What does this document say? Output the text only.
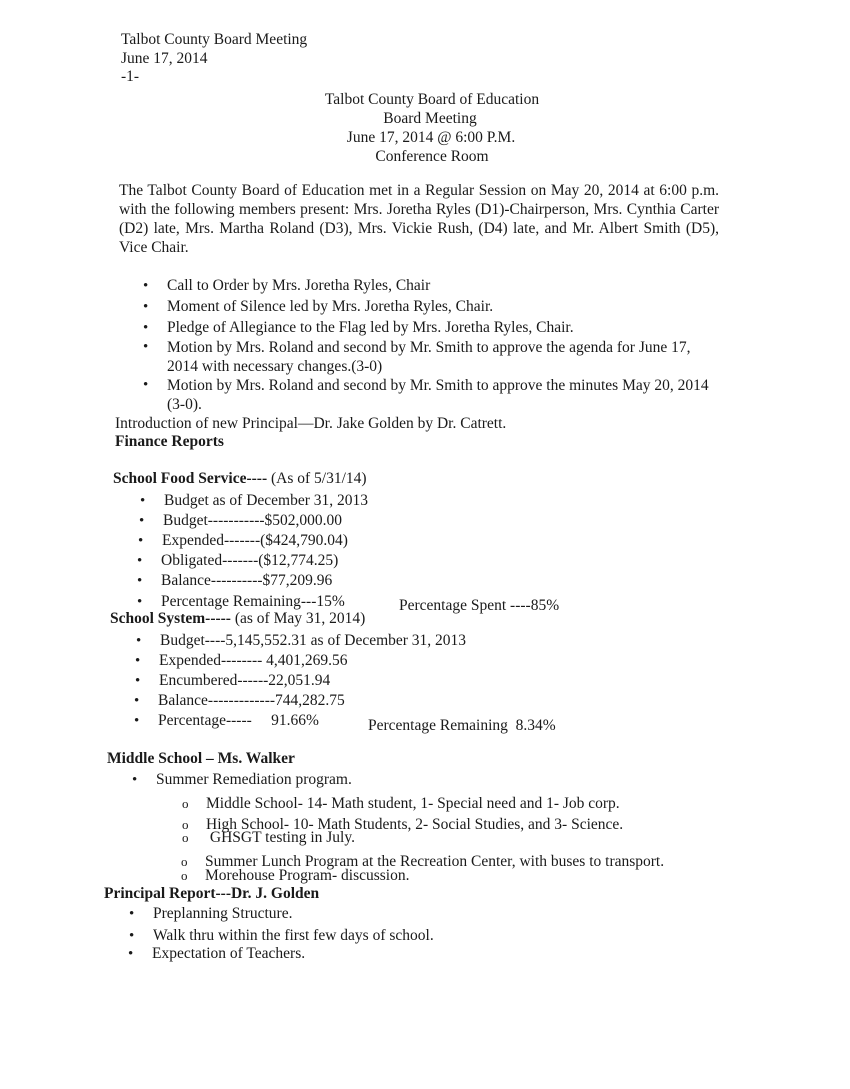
Talbot County Board Meeting
June 17, 2014
-1-
Talbot County Board of Education
Board Meeting
June 17, 2014 @ 6:00 P.M.
Conference Room

The Talbot County Board of Education met in a Regular Session on May 20, 2014 at 6:00 p.m. with the following members present: Mrs. Joretha Ryles (D1)-Chairperson, Mrs. Cynthia Carter (D2) late, Mrs. Martha Roland (D3), Mrs. Vickie Rush, (D4) late, and Mr. Albert Smith (D5), Vice Chair.

• Call to Order by Mrs. Joretha Ryles, Chair
• Moment of Silence led by Mrs. Joretha Ryles, Chair.
• Pledge of Allegiance to the Flag led by Mrs. Joretha Ryles, Chair.
• Motion by Mrs. Roland and second by Mr. Smith to approve the agenda for June 17, 2014 with necessary changes.(3-0)
• Motion by Mrs. Roland and second by Mr. Smith to approve the minutes May 20, 2014 (3-0).
Introduction of new Principal—Dr. Jake Golden by Dr. Catrett.
Finance Reports
School Food Service---- (As of 5/31/14)
• Budget as of December 31, 2013
• Budget-----------$502,000.00
• Expended-------($424,790.04)
• Obligated-------($12,774.25)
• Balance----------$77,209.96
• Percentage Remaining---15%	Percentage Spent ----85%
School System----- (as of May 31, 2014)
• Budget----5,145,552.31 as of December 31, 2013
• Expended-------- 4,401,269.56
• Encumbered------22,051.94
• Balance-------------744,282.75
• Percentage-----     91.66%	Percentage Remaining  8.34%
Middle School – Ms. Walker
• Summer Remediation program.
o Middle School- 14- Math student, 1- Special need and 1- Job corp.
o High School- 10- Math Students, 2- Social Studies, and 3- Science.
o  GHSGT testing in July.
o Summer Lunch Program at the Recreation Center, with buses to transport.
o Morehouse Program- discussion.
Principal Report---Dr. J. Golden
• Preplanning Structure.
• Walk thru within the first few days of school.
• Expectation of Teachers.
